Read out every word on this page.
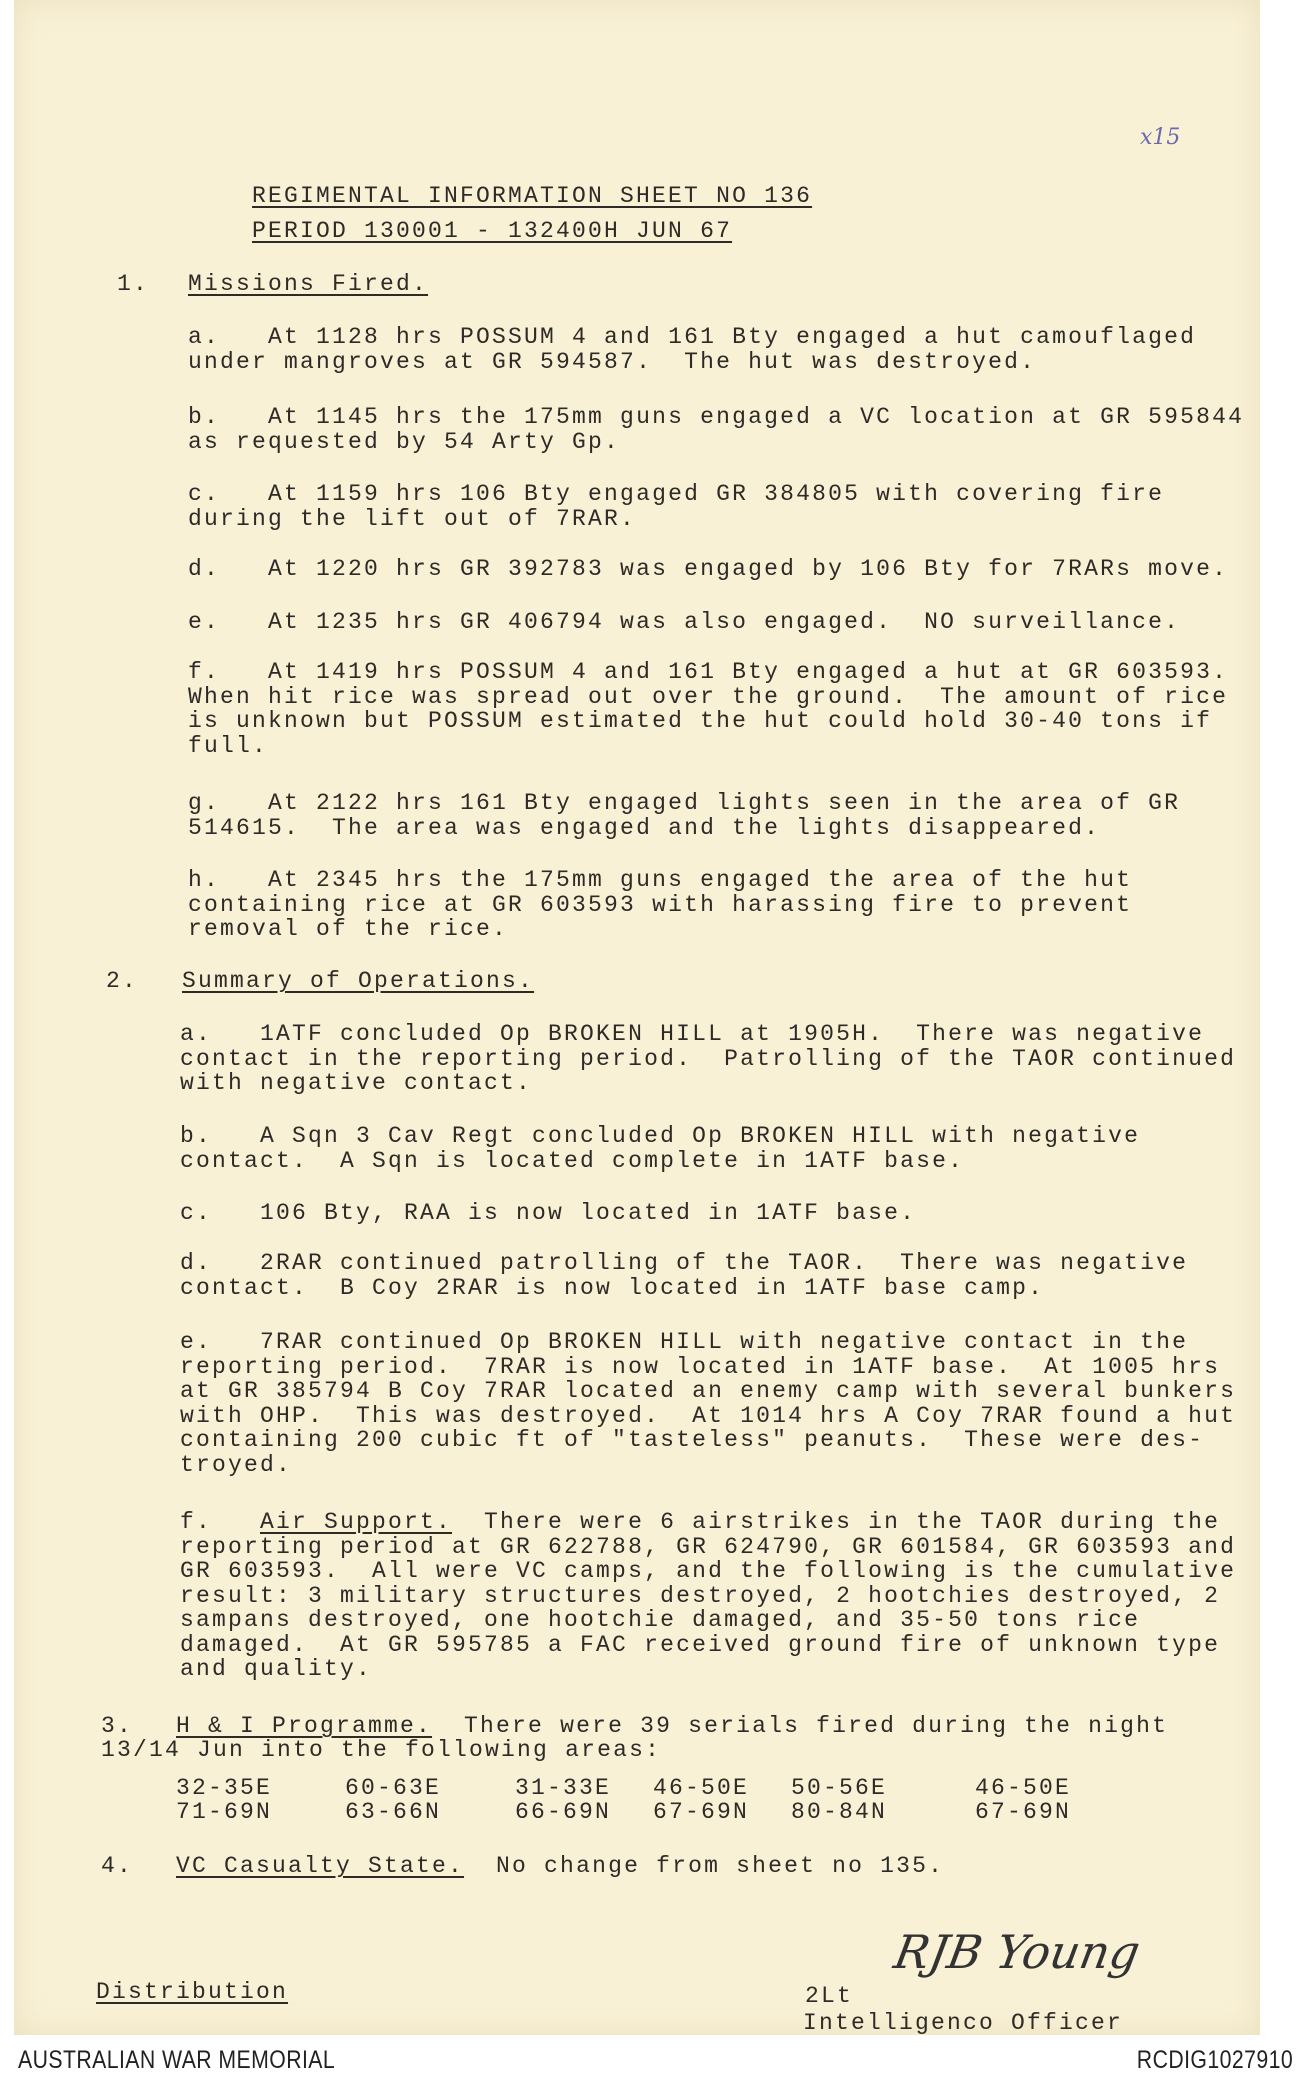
x15
REGIMENTAL INFORMATION SHEET NO 136
PERIOD 130001 - 132400H JUN 67
1. Missions Fired.
a.   At 1128 hrs POSSUM 4 and 161 Bty engaged a hut camouflaged
under mangroves at GR 594587.  The hut was destroyed.
b.   At 1145 hrs the 175mm guns engaged a VC location at GR 595844
as requested by 54 Arty Gp.
c.   At 1159 hrs 106 Bty engaged GR 384805 with covering fire
during the lift out of 7RAR.
d.   At 1220 hrs GR 392783 was engaged by 106 Bty for 7RARs move.
e.   At 1235 hrs GR 406794 was also engaged.  NO surveillance.
f.   At 1419 hrs POSSUM 4 and 161 Bty engaged a hut at GR 603593.
When hit rice was spread out over the ground.  The amount of rice
is unknown but POSSUM estimated the hut could hold 30-40 tons if
full.
g.   At 2122 hrs 161 Bty engaged lights seen in the area of GR
514615.  The area was engaged and the lights disappeared.
h.   At 2345 hrs the 175mm guns engaged the area of the hut
containing rice at GR 603593 with harassing fire to prevent
removal of the rice.
2. Summary of Operations.
a.   1ATF concluded Op BROKEN HILL at 1905H.  There was negative
contact in the reporting period.  Patrolling of the TAOR continued
with negative contact.
b.   A Sqn 3 Cav Regt concluded Op BROKEN HILL with negative
contact.  A Sqn is located complete in 1ATF base.
c.   106 Bty, RAA is now located in 1ATF base.
d.   2RAR continued patrolling of the TAOR.  There was negative
contact.  B Coy 2RAR is now located in 1ATF base camp.
e.   7RAR continued Op BROKEN HILL with negative contact in the
reporting period.  7RAR is now located in 1ATF base.  At 1005 hrs
at GR 385794 B Coy 7RAR located an enemy camp with several bunkers
with OHP.  This was destroyed.  At 1014 hrs A Coy 7RAR found a hut
containing 200 cubic ft of "tasteless" peanuts.  These were des-
troyed.
f.   Air Support.  There were 6 airstrikes in the TAOR during the
reporting period at GR 622788, GR 624790, GR 601584, GR 603593 and
GR 603593.  All were VC camps, and the following is the cumulative
result: 3 military structures destroyed, 2 hootchies destroyed, 2
sampans destroyed, one hootchie damaged, and 35-50 tons rice
damaged.  At GR 595785 a FAC received ground fire of unknown type
and quality.
3. H & I Programme.  There were 39 serials fired during the night
13/14 Jun into the following areas:
32-35E
71-69N
60-63E
63-66N
31-33E
66-69N
46-50E
67-69N
50-56E
80-84N
46-50E
67-69N
4. VC Casualty State.  No change from sheet no 135.
Distribution	2Lt
Intelligenco Officer
RJB Young
AUSTRALIAN WAR MEMORIAL	RCDIG1027910
